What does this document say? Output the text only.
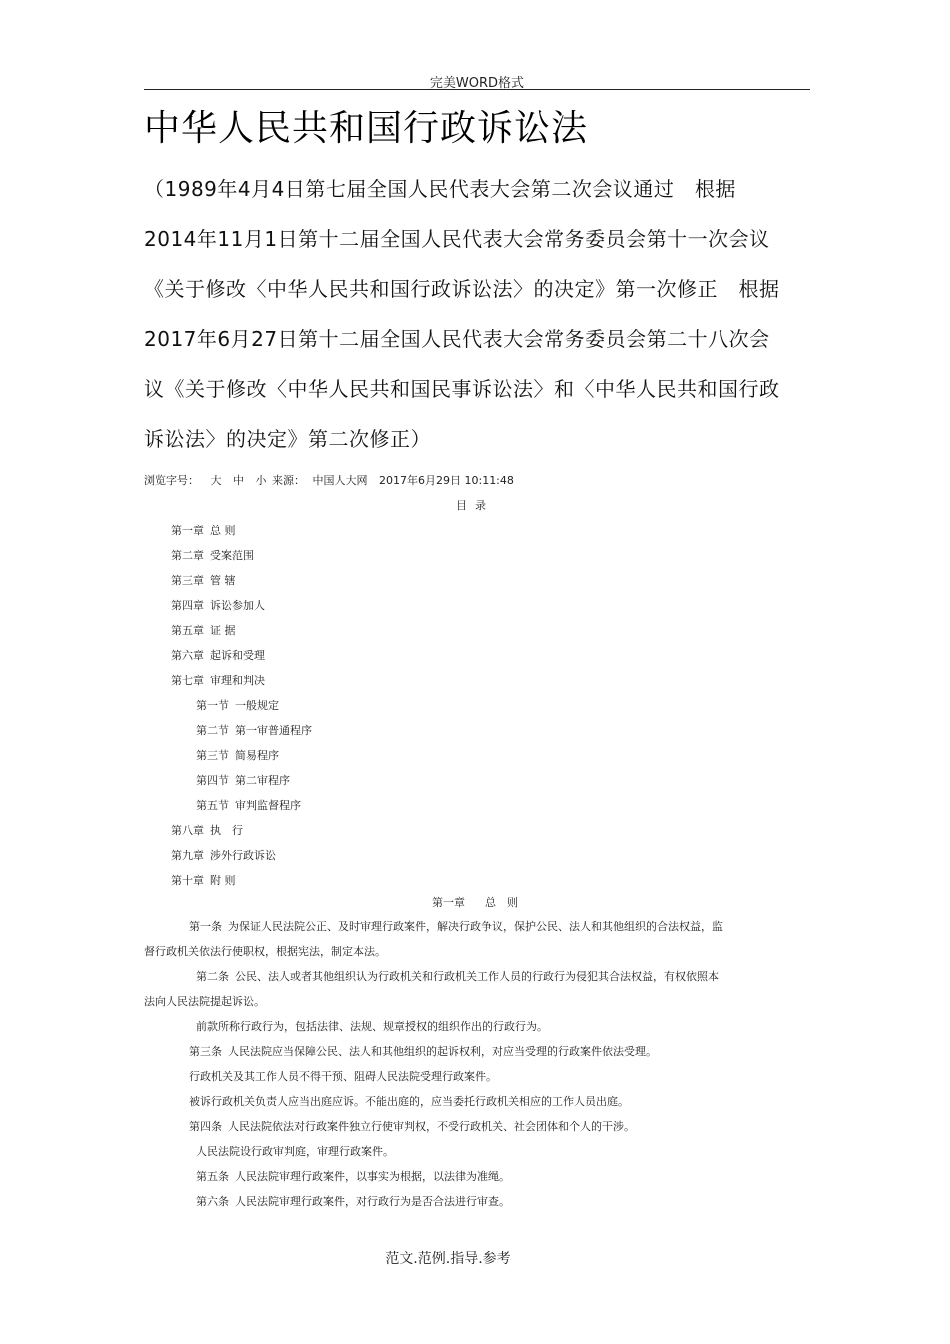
完美WORD格式
中华人民共和国行政诉讼法
（1989年4月4日第七届全国人民代表大会第二次会议通过　根据
2014年11月1日第十二届全国人民代表大会常务委员会第十一次会议
《关于修改〈中华人民共和国行政诉讼法〉的决定》第一次修正　根据
2017年6月27日第十二届全国人民代表大会常务委员会第二十八次会
议《关于修改〈中华人民共和国民事诉讼法〉和〈中华人民共和国行政
诉讼法〉的决定》第二次修正）
浏览字号： 大 中 小 来源： 中国人大网 2017年6月29日 10:11:48
目录
第一章 总 则
第二章 受案范围
第三章 管 辖
第四章 诉讼参加人
第五章 证 据
第六章 起诉和受理
第七章 审理和判决
第一节 一般规定
第二节 第一审普通程序
第三节 简易程序
第四节 第二审程序
第五节 审判监督程序
第八章 执　行
第九章 涉外行政诉讼
第十章 附 则
第一章 总　则
第一条 为保证人民法院公正、及时审理行政案件，解决行政争议，保护公民、法人和其他组织的合法权益，监
督行政机关依法行使职权，根据宪法，制定本法。
第二条 公民、法人或者其他组织认为行政机关和行政机关工作人员的行政行为侵犯其合法权益，有权依照本
法向人民法院提起诉讼。
前款所称行政行为，包括法律、法规、规章授权的组织作出的行政行为。
第三条 人民法院应当保障公民、法人和其他组织的起诉权利，对应当受理的行政案件依法受理。
行政机关及其工作人员不得干预、阻碍人民法院受理行政案件。
被诉行政机关负责人应当出庭应诉。不能出庭的，应当委托行政机关相应的工作人员出庭。
第四条 人民法院依法对行政案件独立行使审判权，不受行政机关、社会团体和个人的干涉。
人民法院设行政审判庭，审理行政案件。
第五条 人民法院审理行政案件，以事实为根据，以法律为准绳。
第六条 人民法院审理行政案件，对行政行为是否合法进行审查。
范文.范例.指导.参考
